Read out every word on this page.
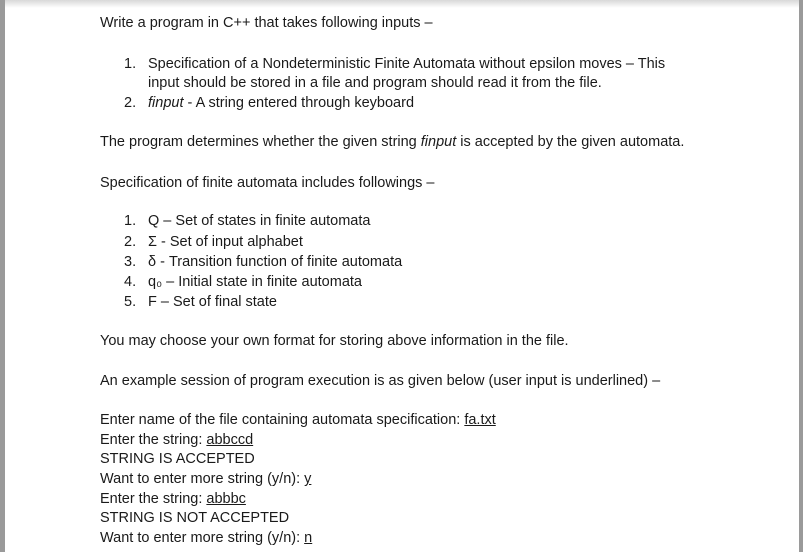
Write a program in C++ that takes following inputs –
1. Specification of a Nondeterministic Finite Automata without epsilon moves – This
input should be stored in a file and program should read it from the file.
2. finput - A string entered through keyboard
The program determines whether the given string finput is accepted by the given automata.
Specification of finite automata includes followings –
1. Q – Set of states in finite automata
2. Σ - Set of input alphabet
3. δ - Transition function of finite automata
4. q₀ – Initial state in finite automata
5. F – Set of final state
You may choose your own format for storing above information in the file.
An example session of program execution is as given below (user input is underlined) –
Enter name of the file containing automata specification: fa.txt
Enter the string: abbccd
STRING IS ACCEPTED
Want to enter more string (y/n): y
Enter the string: abbbc
STRING IS NOT ACCEPTED
Want to enter more string (y/n): n
